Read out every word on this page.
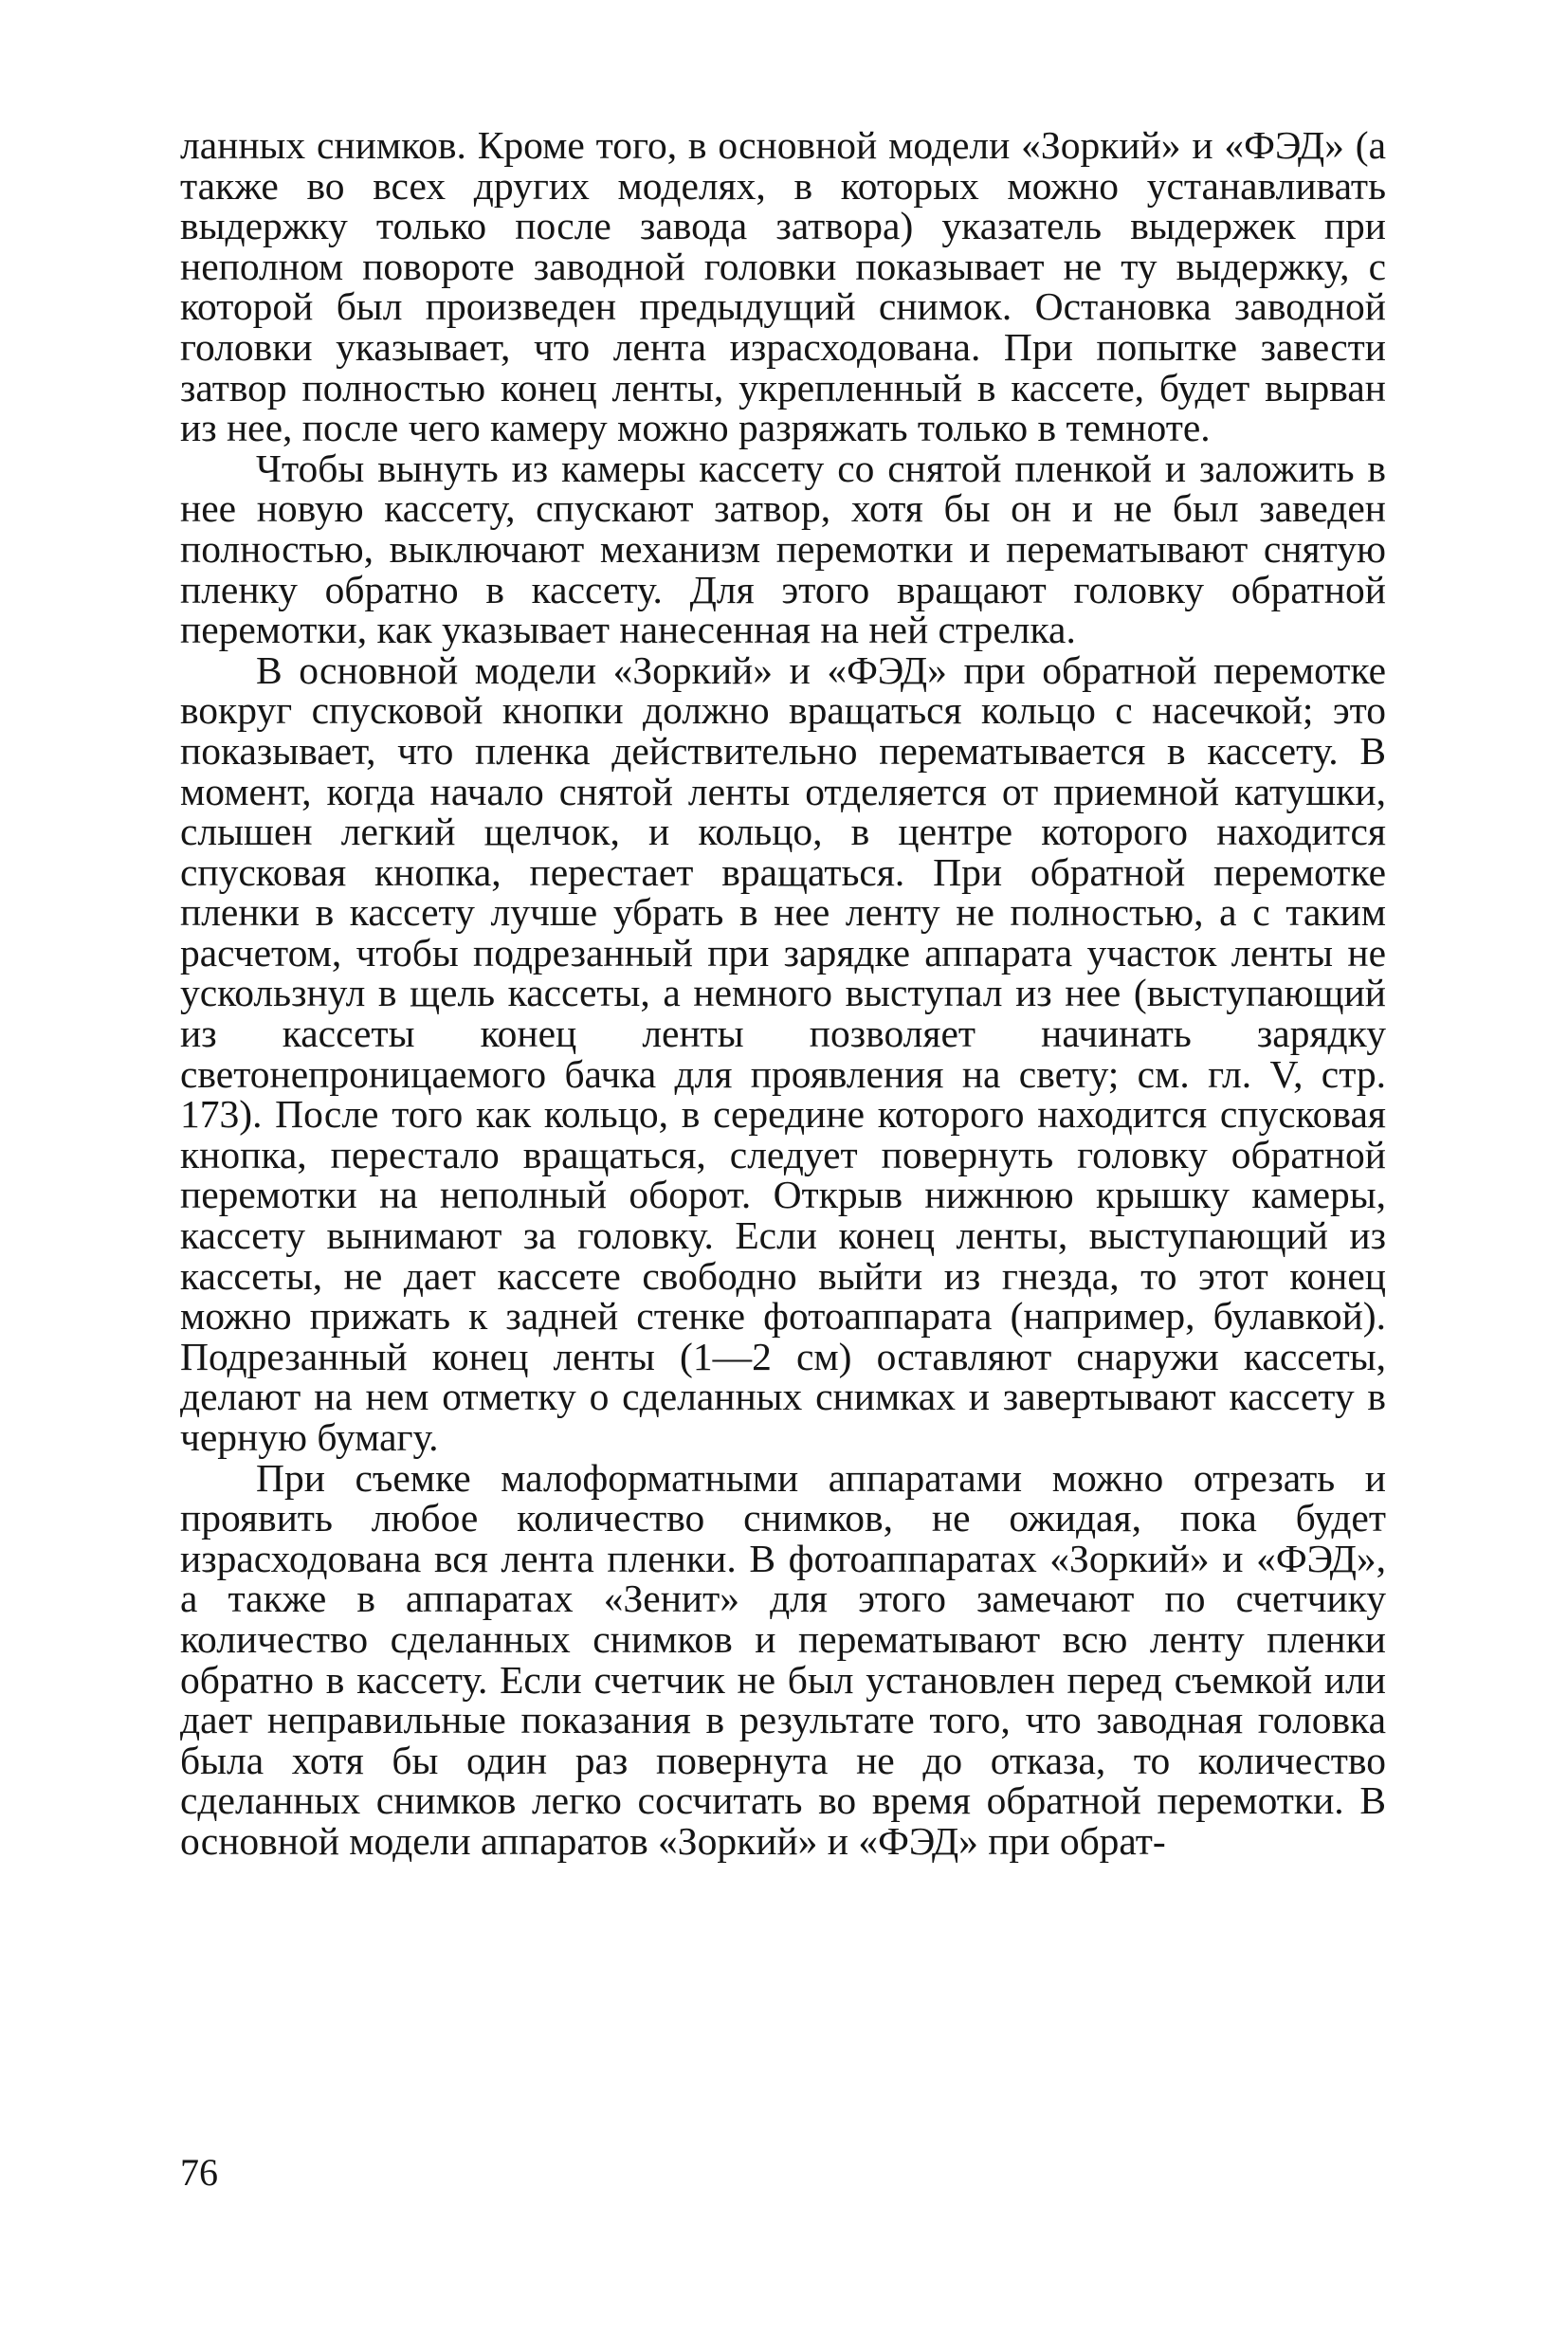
ланных снимков. Кроме того, в основной модели «Зоркий» и «ФЭД» (а также во всех других моделях, в которых можно устанавливать выдержку только после завода затвора) указатель выдержек при неполном повороте заводной головки показывает не ту выдержку, с которой был произведен предыдущий снимок. Остановка заводной головки указывает, что лента израсходована. При попытке завести затвор полностью конец ленты, укрепленный в кассете, будет вырван из нее, после чего камеру можно разряжать только в темноте.

Чтобы вынуть из камеры кассету со снятой пленкой и заложить в нее новую кассету, спускают затвор, хотя бы он и не был заведен полностью, выключают механизм перемотки и перематывают снятую пленку обратно в кассету. Для этого вращают головку обратной перемотки, как указывает нанесенная на ней стрелка.

В основной модели «Зоркий» и «ФЭД» при обратной перемотке вокруг спусковой кнопки должно вращаться кольцо с насечкой; это показывает, что пленка действительно перематывается в кассету. В момент, когда начало снятой ленты отделяется от приемной катушки, слышен легкий щелчок, и кольцо, в центре которого находится спусковая кнопка, перестает вращаться. При обратной перемотке пленки в кассету лучше убрать в нее ленту не полностью, а с таким расчетом, чтобы подрезанный при зарядке аппарата участок ленты не ускользнул в щель кассеты, а немного выступал из нее (выступающий из кассеты конец ленты позволяет начинать зарядку светонепроницаемого бачка для проявления на свету; см. гл. V, стр. 173). После того как кольцо, в середине которого находится спусковая кнопка, перестало вращаться, следует повернуть головку обратной перемотки на неполный оборот. Открыв нижнюю крышку камеры, кассету вынимают за головку. Если конец ленты, выступающий из кассеты, не дает кассете свободно выйти из гнезда, то этот конец можно прижать к задней стенке фотоаппарата (например, булавкой). Подрезанный конец ленты (1—2 см) оставляют снаружи кассеты, делают на нем отметку о сделанных снимках и завертывают кассету в черную бумагу.

При съемке малоформатными аппаратами можно отрезать и проявить любое количество снимков, не ожидая, пока будет израсходована вся лента пленки. В фотоаппаратах «Зоркий» и «ФЭД», а также в аппаратах «Зенит» для этого замечают по счетчику количество сделанных снимков и перематывают всю ленту пленки обратно в кассету. Если счетчик не был установлен перед съемкой или дает неправильные показания в результате того, что заводная головка была хотя бы один раз повернута не до отказа, то количество сделанных снимков легко сосчитать во время обратной перемотки. В основной модели аппаратов «Зоркий» и «ФЭД» при обрат-

76
